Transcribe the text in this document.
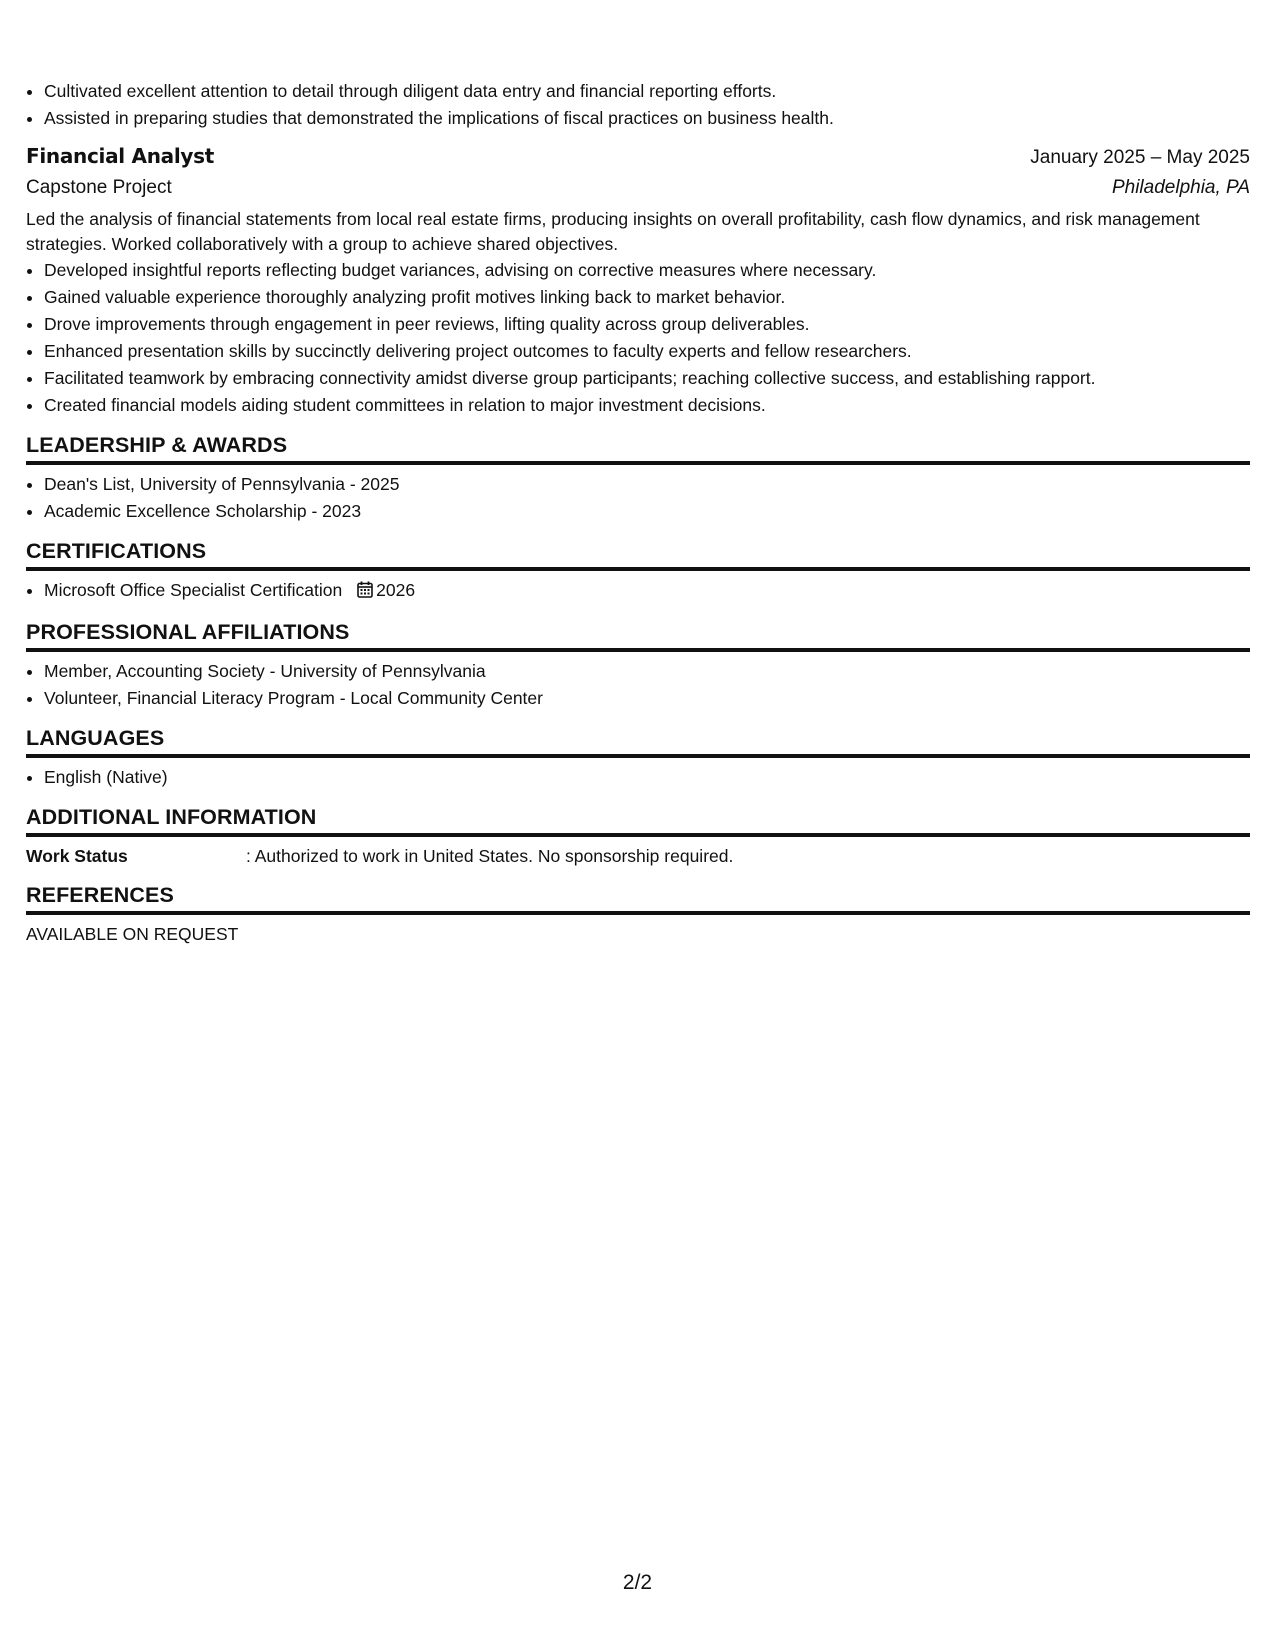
• Cultivated excellent attention to detail through diligent data entry and financial reporting efforts.
• Assisted in preparing studies that demonstrated the implications of fiscal practices on business health.
Financial Analyst	January 2025 – May 2025
Capstone Project	Philadelphia, PA
Led the analysis of financial statements from local real estate firms, producing insights on overall profitability, cash flow dynamics, and risk management strategies. Worked collaboratively with a group to achieve shared objectives.
• Developed insightful reports reflecting budget variances, advising on corrective measures where necessary.
• Gained valuable experience thoroughly analyzing profit motives linking back to market behavior.
• Drove improvements through engagement in peer reviews, lifting quality across group deliverables.
• Enhanced presentation skills by succinctly delivering project outcomes to faculty experts and fellow researchers.
• Facilitated teamwork by embracing connectivity amidst diverse group participants; reaching collective success, and establishing rapport.
• Created financial models aiding student committees in relation to major investment decisions.
LEADERSHIP & AWARDS
• Dean's List, University of Pennsylvania - 2025
• Academic Excellence Scholarship - 2023
CERTIFICATIONS
• Microsoft Office Specialist Certification 2026
PROFESSIONAL AFFILIATIONS
• Member, Accounting Society - University of Pennsylvania
• Volunteer, Financial Literacy Program - Local Community Center
LANGUAGES
• English (Native)
ADDITIONAL INFORMATION
Work Status	: Authorized to work in United States. No sponsorship required.
REFERENCES
AVAILABLE ON REQUEST
2/2
